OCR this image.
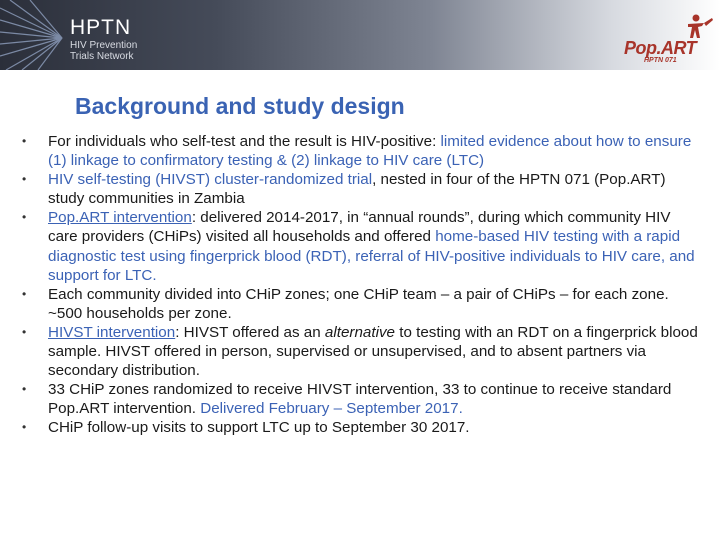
HPTN
HIV Prevention
Trials Network	Pop.ART
HPTN 071
Background and study design
• For individuals who self-test and the result is HIV-positive: limited evidence about how to ensure (1) linkage to confirmatory testing & (2) linkage to HIV care (LTC)
• HIV self-testing (HIVST) cluster-randomized trial, nested in four of the HPTN 071 (Pop.ART) study communities in Zambia
• Pop.ART intervention: delivered 2014-2017, in “annual rounds”, during which community HIV care providers (CHiPs) visited all households and offered home-based HIV testing with a rapid diagnostic test using fingerprick blood (RDT), referral of HIV-positive individuals to HIV care, and support for LTC.
• Each community divided into CHiP zones; one CHiP team – a pair of CHiPs – for each zone. ~500 households per zone.
• HIVST intervention: HIVST offered as an alternative to testing with an RDT on a fingerprick blood sample. HIVST offered in person, supervised or unsupervised, and to absent partners via secondary distribution.
• 33 CHiP zones randomized to receive HIVST intervention, 33 to continue to receive standard Pop.ART intervention. Delivered February – September 2017.
• CHiP follow-up visits to support LTC up to September 30 2017.
